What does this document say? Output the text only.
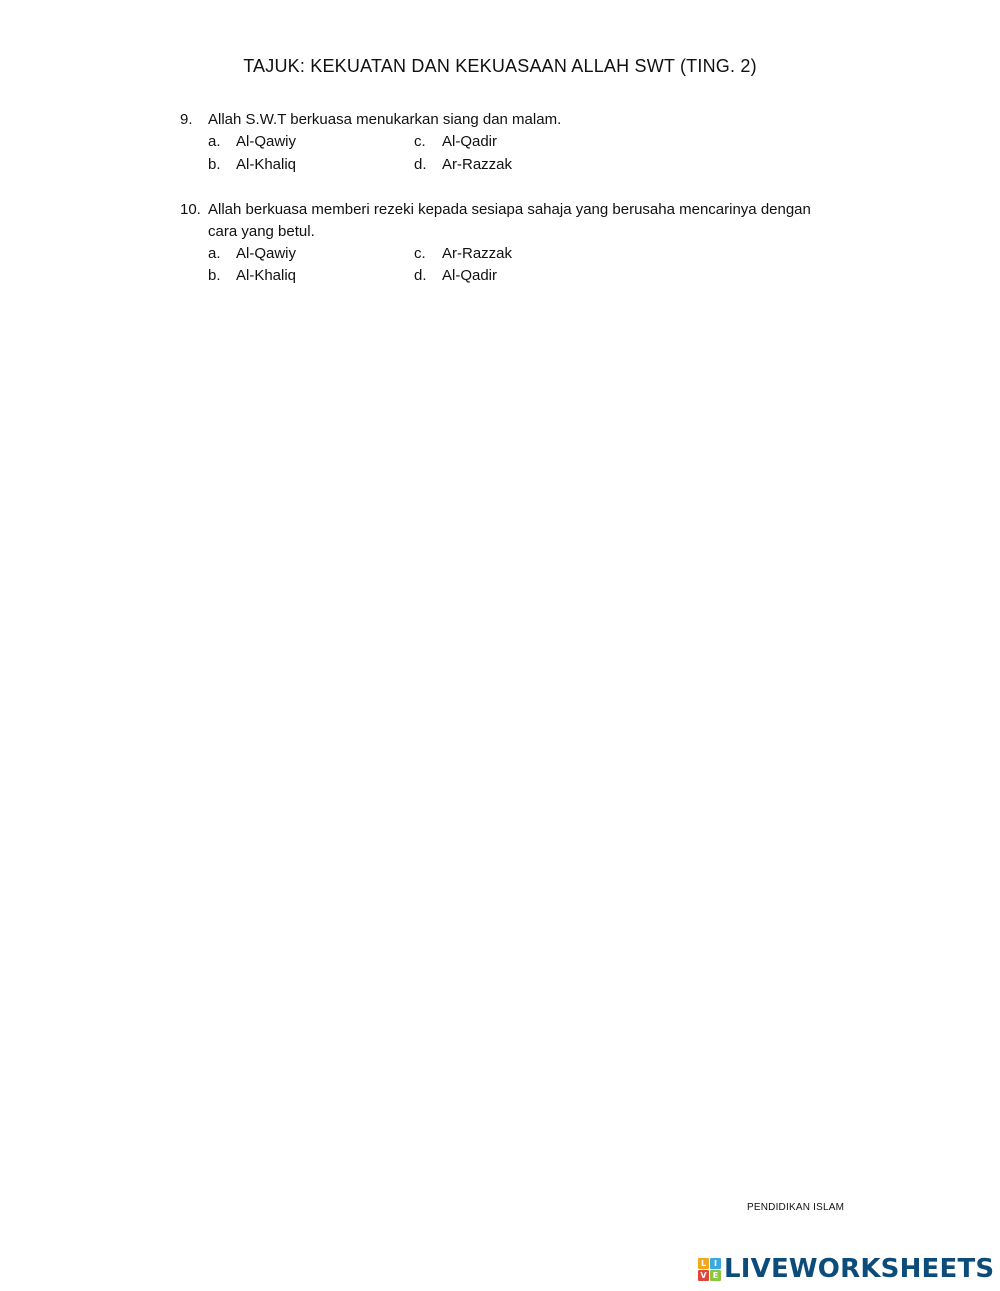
TAJUK: KEKUATAN DAN KEKUASAAN ALLAH SWT (TING. 2)
9. Allah S.W.T berkuasa menukarkan siang dan malam.
a. Al-Qawiy
b. Al-Khaliq
c. Al-Qadir
d. Ar-Razzak
10. Allah berkuasa memberi rezeki kepada sesiapa sahaja yang berusaha mencarinya dengan cara yang betul.
a. Al-Qawiy
b. Al-Khaliq
c. Ar-Razzak
d. Al-Qadir
PENDIDIKAN ISLAM
L I
V E LIVEWORKSHEETS
